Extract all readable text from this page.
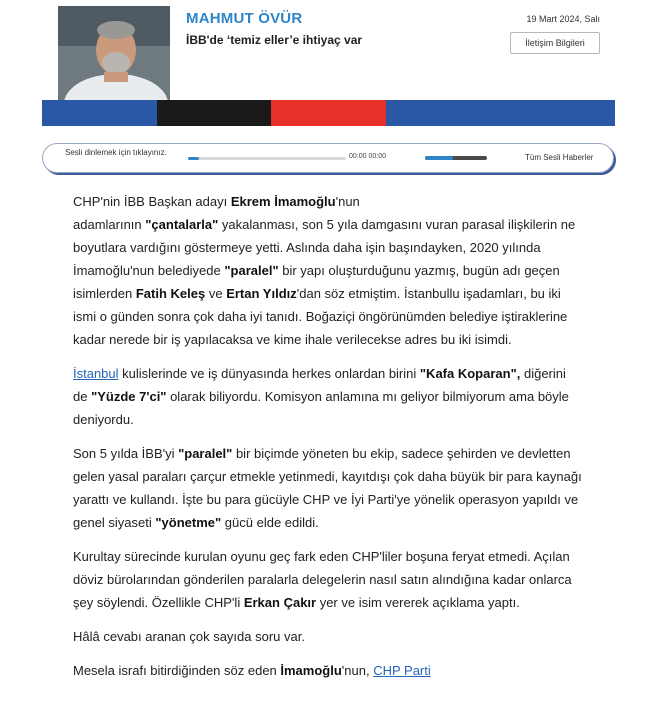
MAHMUT ÖVÜR
İBB'de ‘temiz eller’e ihtiyaç var
19 Mart 2024, Salı
İletişim Bilgileri
Sesli dinlemek için tıklayınız.	00:00 00:00	Tüm Sesli Haberler

CHP'nin İBB Başkan adayı Ekrem İmamoğlu'nun
adamlarının "çantalarla" yakalanması, son 5 yıla damgasını vuran parasal ilişkilerin ne boyutlara vardığını göstermeye yetti. Aslında daha işin başındayken, 2020 yılında İmamoğlu'nun belediyede "paralel" bir yapı oluşturduğunu yazmış, bugün adı geçen isimlerden Fatih Keleş ve Ertan Yıldız'dan söz etmiştim. İstanbullu işadamları, bu iki ismi o günden sonra çok daha iyi tanıdı. Boğaziçi öngörünümden belediye iştiraklerine kadar nerede bir iş yapılacaksa ve kime ihale verilecekse adres bu iki isimdi.

İstanbul kulislerinde ve iş dünyasında herkes onlardan birini "Kafa Koparan", diğerini de "Yüzde 7'ci" olarak biliyordu. Komisyon anlamına mı geliyor bilmiyorum ama böyle deniyordu.

Son 5 yılda İBB'yi "paralel" bir biçimde yöneten bu ekip, sadece şehirden ve devletten gelen yasal paraları çarçur etmekle yetinmedi, kayıtdışı çok daha büyük bir para kaynağı yarattı ve kullandı. İşte bu para gücüyle CHP ve İyi Parti'ye yönelik operasyon yapıldı ve genel siyaseti "yönetme" gücü elde edildi.

Kurultay sürecinde kurulan oyunu geç fark eden CHP'liler boşuna feryat etmedi. Açılan döviz bürolarından gönderilen paralarla delegelerin nasıl satın alındığına kadar onlarca şey söylendi. Özellikle CHP'li Erkan Çakır yer ve isim vererek açıklama yaptı.

Hâlâ cevabı aranan çok sayıda soru var.

Mesela israfı bitirdiğinden söz eden İmamoğlu'nun, CHP Parti
